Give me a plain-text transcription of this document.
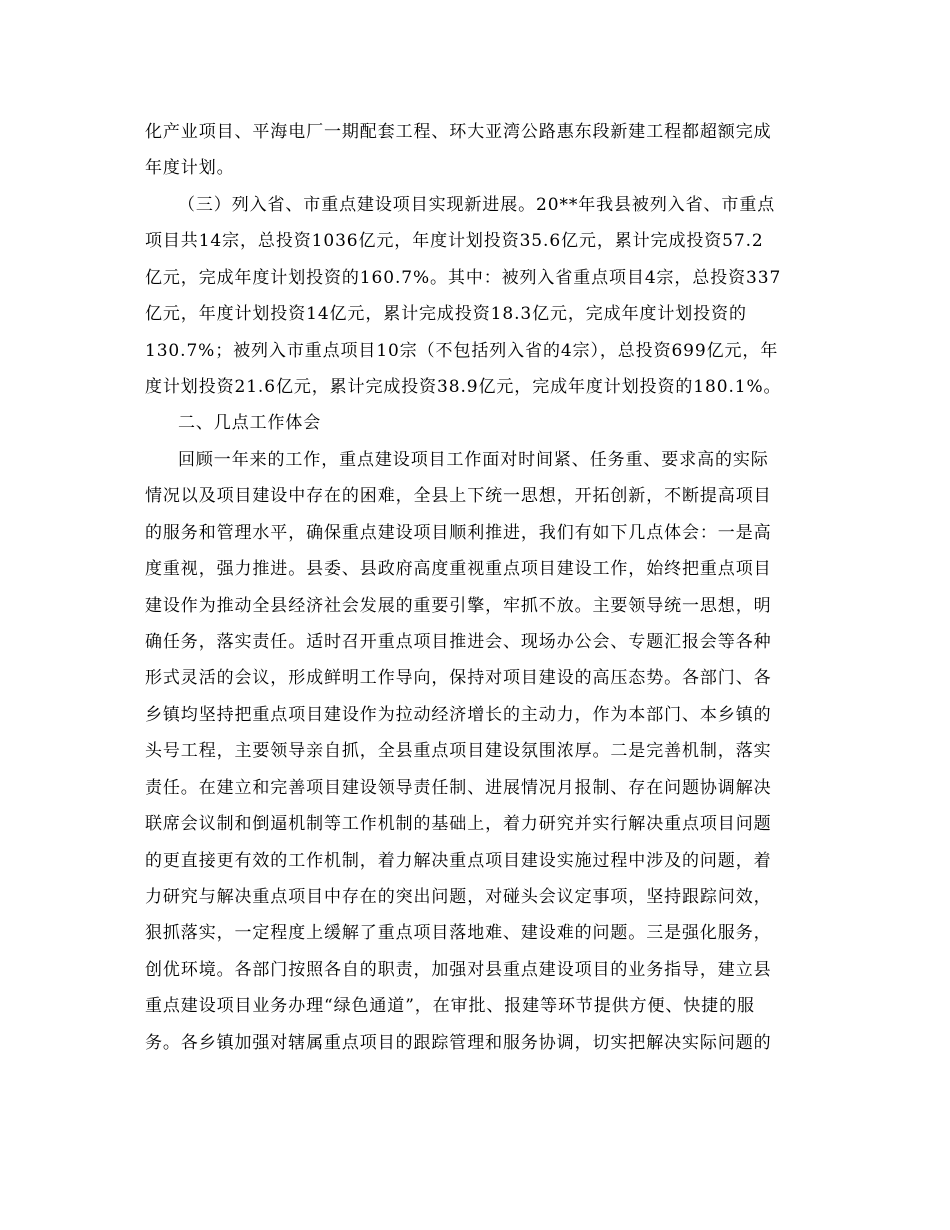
化产业项目、平海电厂一期配套工程、环大亚湾公路惠东段新建工程都超额完成
年度计划。
（三）列入省、市重点建设项目实现新进展。20**年我县被列入省、市重点
项目共14宗，总投资1036亿元，年度计划投资35.6亿元，累计完成投资57.2
亿元，完成年度计划投资的160.7%。其中：被列入省重点项目4宗，总投资337
亿元，年度计划投资14亿元，累计完成投资18.3亿元，完成年度计划投资的
130.7%；被列入市重点项目10宗（不包括列入省的4宗），总投资699亿元，年
度计划投资21.6亿元，累计完成投资38.9亿元，完成年度计划投资的180.1%。
二、几点工作体会
回顾一年来的工作，重点建设项目工作面对时间紧、任务重、要求高的实际
情况以及项目建设中存在的困难，全县上下统一思想，开拓创新，不断提高项目
的服务和管理水平，确保重点建设项目顺利推进，我们有如下几点体会：一是高
度重视，强力推进。县委、县政府高度重视重点项目建设工作，始终把重点项目
建设作为推动全县经济社会发展的重要引擎，牢抓不放。主要领导统一思想，明
确任务，落实责任。适时召开重点项目推进会、现场办公会、专题汇报会等各种
形式灵活的会议，形成鲜明工作导向，保持对项目建设的高压态势。各部门、各
乡镇均坚持把重点项目建设作为拉动经济增长的主动力，作为本部门、本乡镇的
头号工程，主要领导亲自抓，全县重点项目建设氛围浓厚。二是完善机制，落实
责任。在建立和完善项目建设领导责任制、进展情况月报制、存在问题协调解决
联席会议制和倒逼机制等工作机制的基础上，着力研究并实行解决重点项目问题
的更直接更有效的工作机制，着力解决重点项目建设实施过程中涉及的问题，着
力研究与解决重点项目中存在的突出问题，对碰头会议定事项，坚持跟踪问效，
狠抓落实，一定程度上缓解了重点项目落地难、建设难的问题。三是强化服务，
创优环境。各部门按照各自的职责，加强对县重点建设项目的业务指导，建立县
重点建设项目业务办理“绿色通道”，在审批、报建等环节提供方便、快捷的服
务。各乡镇加强对辖属重点项目的跟踪管理和服务协调，切实把解决实际问题的
